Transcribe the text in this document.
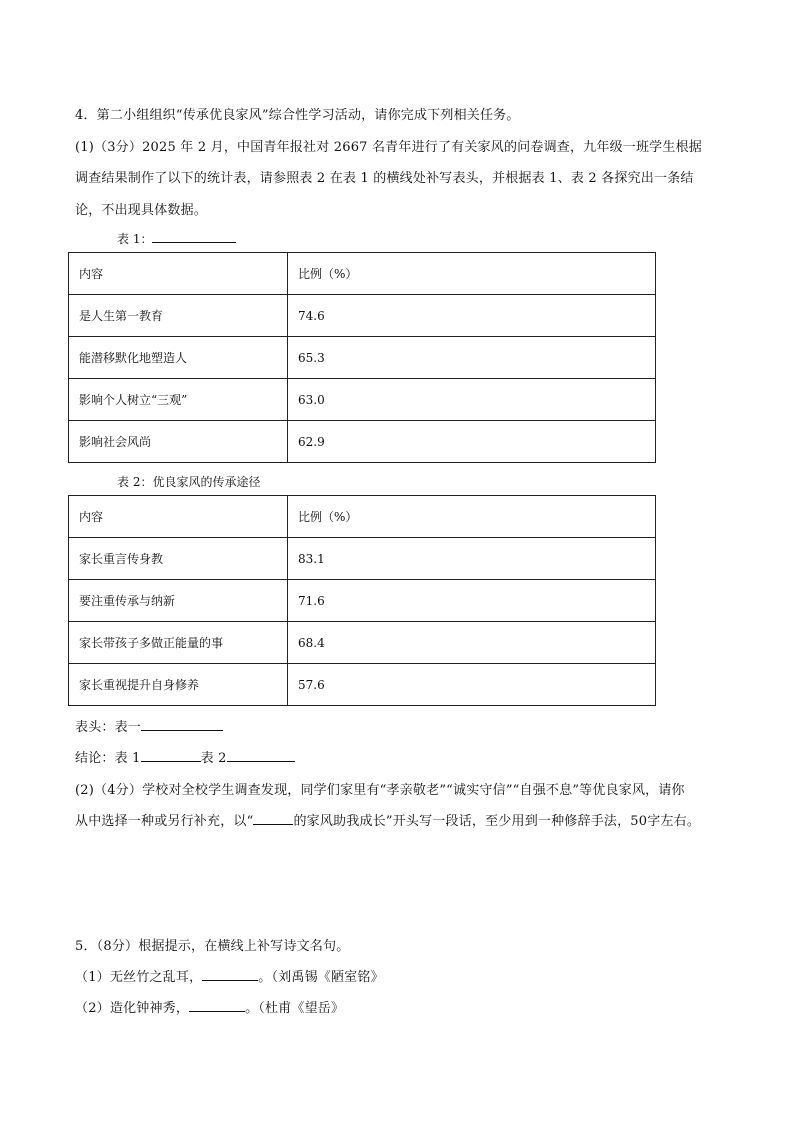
4．第二小组组织“传承优良家风”综合性学习活动，请你完成下列相关任务。
(1)（3分）2025 年 2 月，中国青年报社对 2667 名青年进行了有关家风的问卷调查，九年级一班学生根据
调查结果制作了以下的统计表，请参照表 2 在表 1 的横线处补写表头，并根据表 1、表 2 各探究出一条结
论，不出现具体数据。
表 1：
内容	比例（%）
是人生第一教育	74.6
能潜移默化地塑造人	65.3
影响个人树立“三观”	63.0
影响社会风尚	62.9
表 2：优良家风的传承途径
内容	比例（%）
家长重言传身教	83.1
要注重传承与纳新	71.6
家长带孩子多做正能量的事	68.4
家长重视提升自身修养	57.6
表头：表一
结论：表 1	表 2
(2)（4分）学校对全校学生调查发现，同学们家里有“孝亲敬老”“诚实守信”“自强不息”等优良家风，请你
从中选择一种或另行补充，以“	的家风助我成长”开头写一段话，至少用到一种修辞手法，50字左右。
5．（8分）根据提示，在横线上补写诗文名句。
（1）无丝竹之乱耳，	。（刘禹锡《陋室铭》
（2）造化钟神秀，	。（杜甫《望岳》
